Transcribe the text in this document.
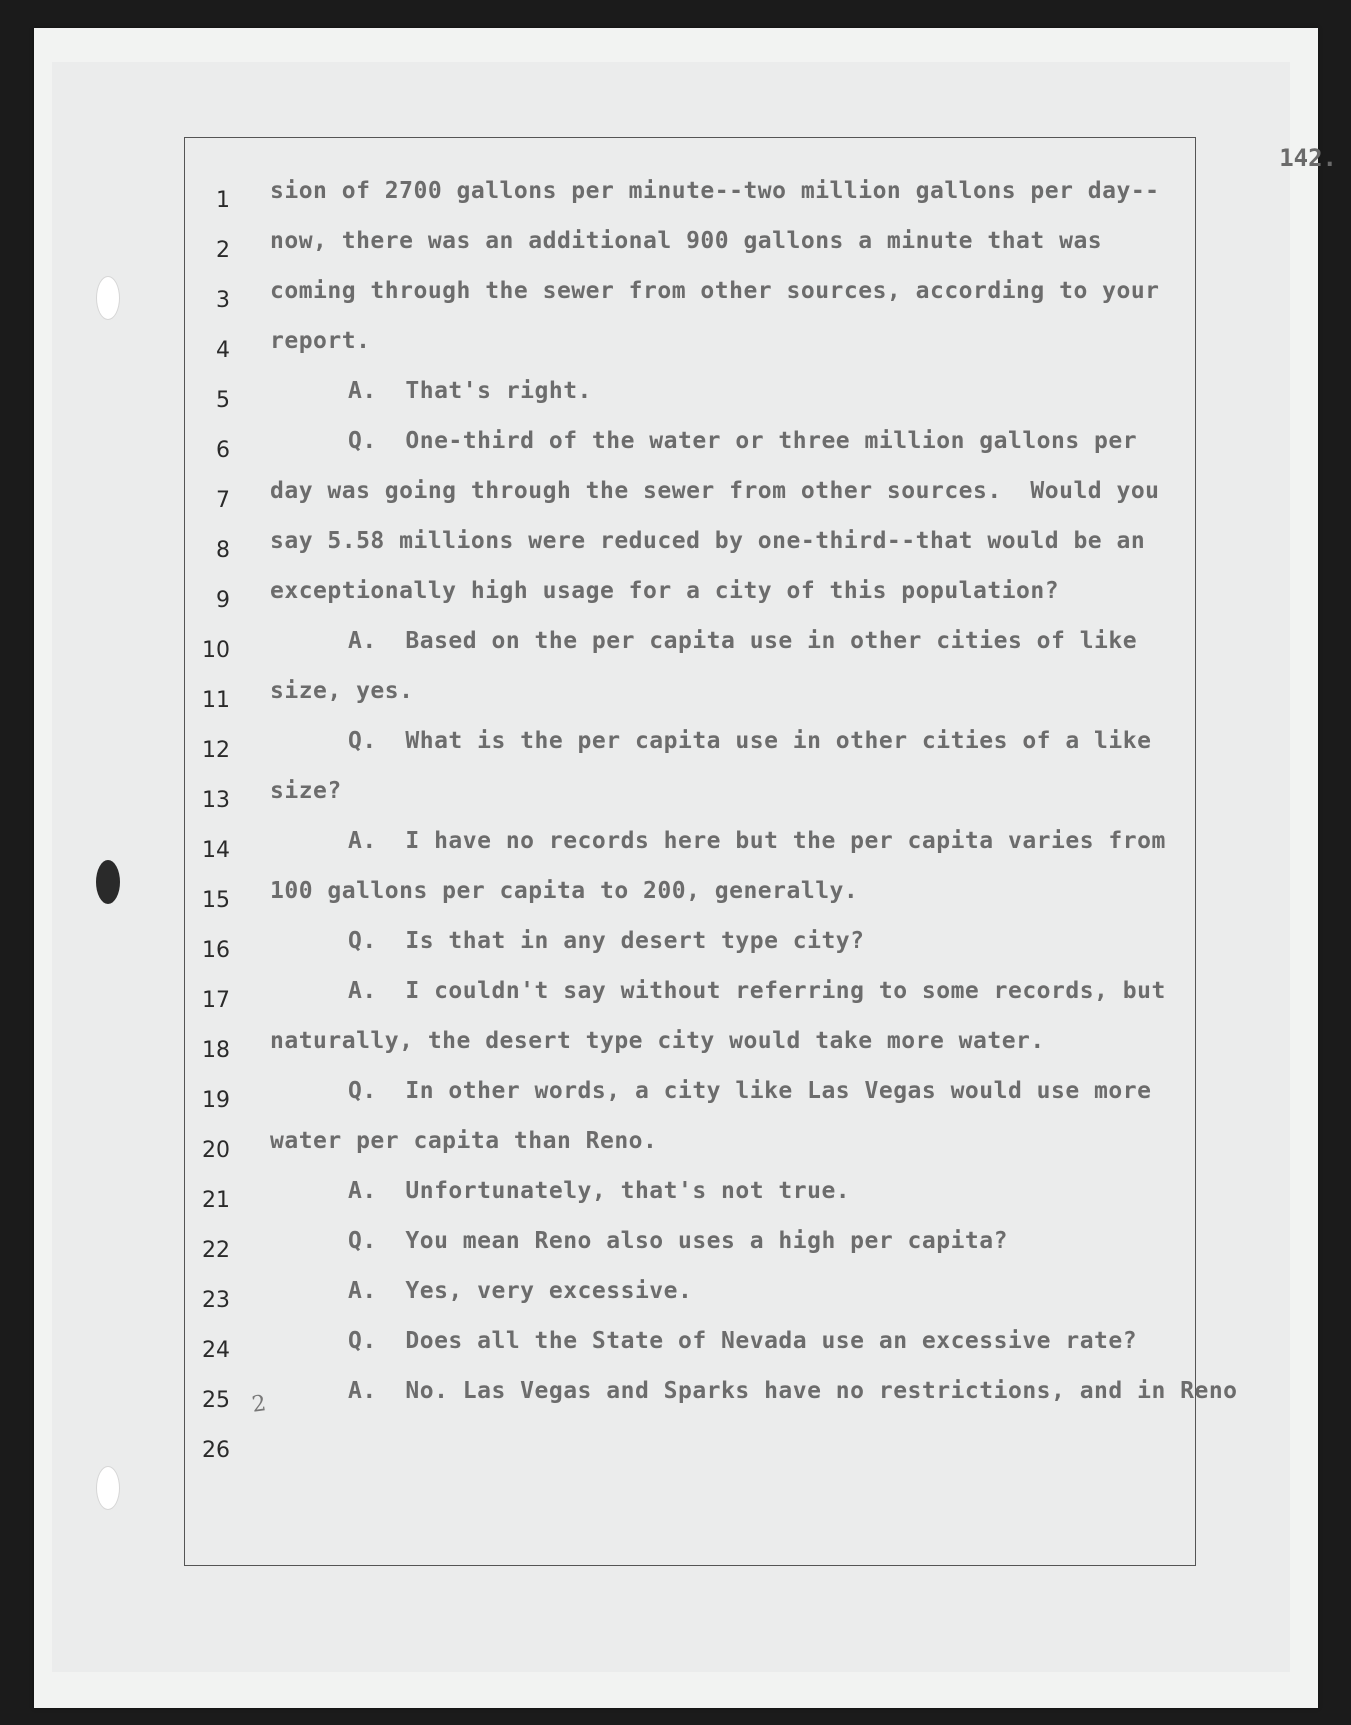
142.
1
2
3
4
5
6
7
8
9
10
11
12
13
14
15
16
17
18
19
20
21
22
23
24
25
26
sion of 2700 gallons per minute--two million gallons per day--
now, there was an additional 900 gallons a minute that was
coming through the sewer from other sources, according to your
report.
A.  That's right.
Q.  One-third of the water or three million gallons per
day was going through the sewer from other sources.  Would you
say 5.58 millions were reduced by one-third--that would be an
exceptionally high usage for a city of this population?
A.  Based on the per capita use in other cities of like
size, yes.
Q.  What is the per capita use in other cities of a like
size?
A.  I have no records here but the per capita varies from
100 gallons per capita to 200, generally.
Q.  Is that in any desert type city?
A.  I couldn't say without referring to some records, but
naturally, the desert type city would take more water.
Q.  In other words, a city like Las Vegas would use more
water per capita than Reno.
A.  Unfortunately, that's not true.
Q.  You mean Reno also uses a high per capita?
A.  Yes, very excessive.
Q.  Does all the State of Nevada use an excessive rate?
A.  No. Las Vegas and Sparks have no restrictions, and in Reno
2
